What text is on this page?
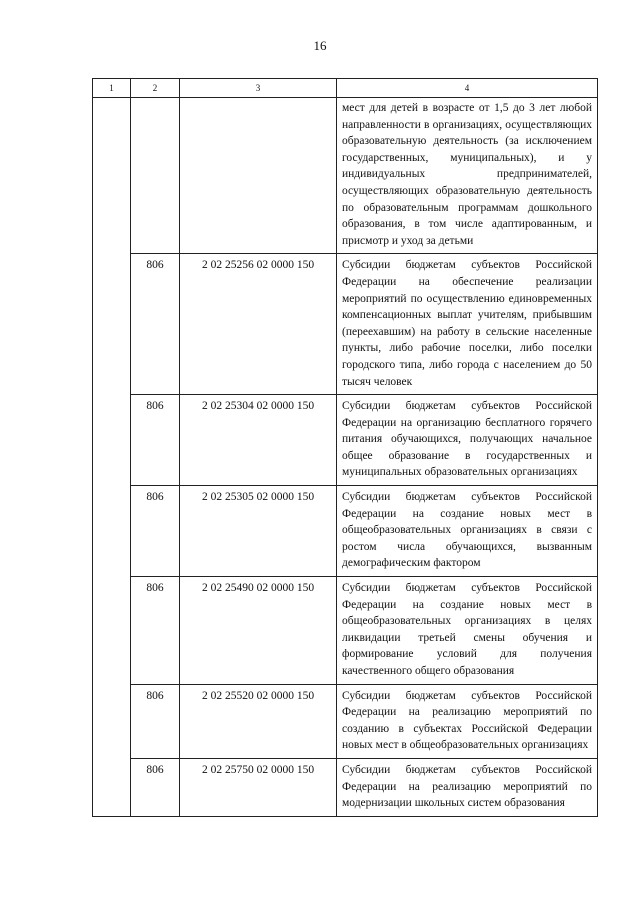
16
1	2	3	4
			мест для детей в возрасте от 1,5 до 3 лет любой направленности в организациях, осуществляющих образовательную деятельность (за исключением государственных, муниципальных), и у индивидуальных предпринимателей, осуществляющих образовательную деятельность по образовательным программам дошкольного образования, в том числе адаптированным, и присмотр и уход за детьми
	806	2 02 25256 02 0000 150	Субсидии бюджетам субъектов Российской Федерации на обеспечение реализации мероприятий по осуществлению единовременных компенсационных выплат учителям, прибывшим (переехавшим) на работу в сельские населенные пункты, либо рабочие поселки, либо поселки городского типа, либо города с населением до 50 тысяч человек
	806	2 02 25304 02 0000 150	Субсидии бюджетам субъектов Российской Федерации на организацию бесплатного горячего питания обучающихся, получающих начальное общее образование в государственных и муниципальных образовательных организациях
	806	2 02 25305 02 0000 150	Субсидии бюджетам субъектов Российской Федерации на создание новых мест в общеобразовательных организациях в связи с ростом числа обучающихся, вызванным демографическим фактором
	806	2 02 25490 02 0000 150	Субсидии бюджетам субъектов Российской Федерации на создание новых мест в общеобразовательных организациях в целях ликвидации третьей смены обучения и формирование условий для получения качественного общего образования
	806	2 02 25520 02 0000 150	Субсидии бюджетам субъектов Российской Федерации на реализацию мероприятий по созданию в субъектах Российской Федерации новых мест в общеобразовательных организациях
	806	2 02 25750 02 0000 150	Субсидии бюджетам субъектов Российской Федерации на реализацию мероприятий по модернизации школьных систем образования
